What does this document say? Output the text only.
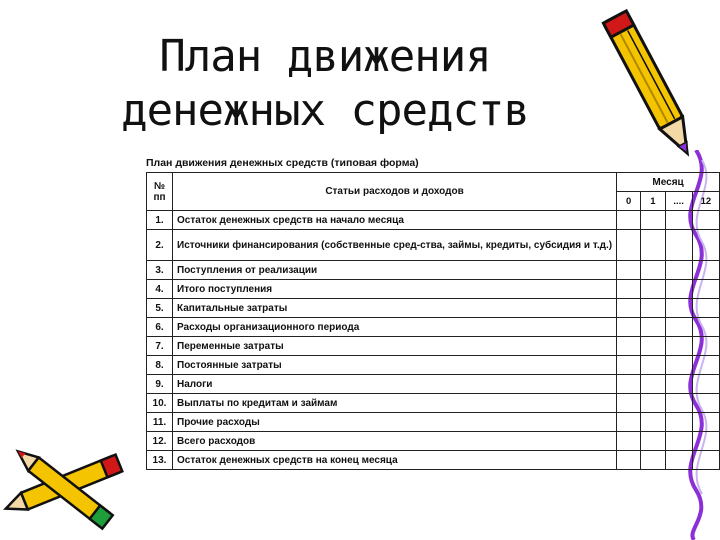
План движения
денежных средств
План движения денежных средств (типовая форма)
№ пп	Статьи расходов и доходов	Месяц			
		0	1	....	12
1.	Остаток денежных средств на начало месяца				
2.	Источники финансирования (собственные сред-ства, займы, кредиты, субсидия и т.д.)				
3.	Поступления от реализации				
4.	Итого поступления				
5.	Капитальные затраты				
6.	Расходы организационного периода				
7.	Переменные затраты				
8.	Постоянные затраты				
9.	Налоги				
10.	Выплаты по кредитам и займам				
11.	Прочие расходы				
12.	Всего расходов				
13.	Остаток денежных средств на конец месяца				
